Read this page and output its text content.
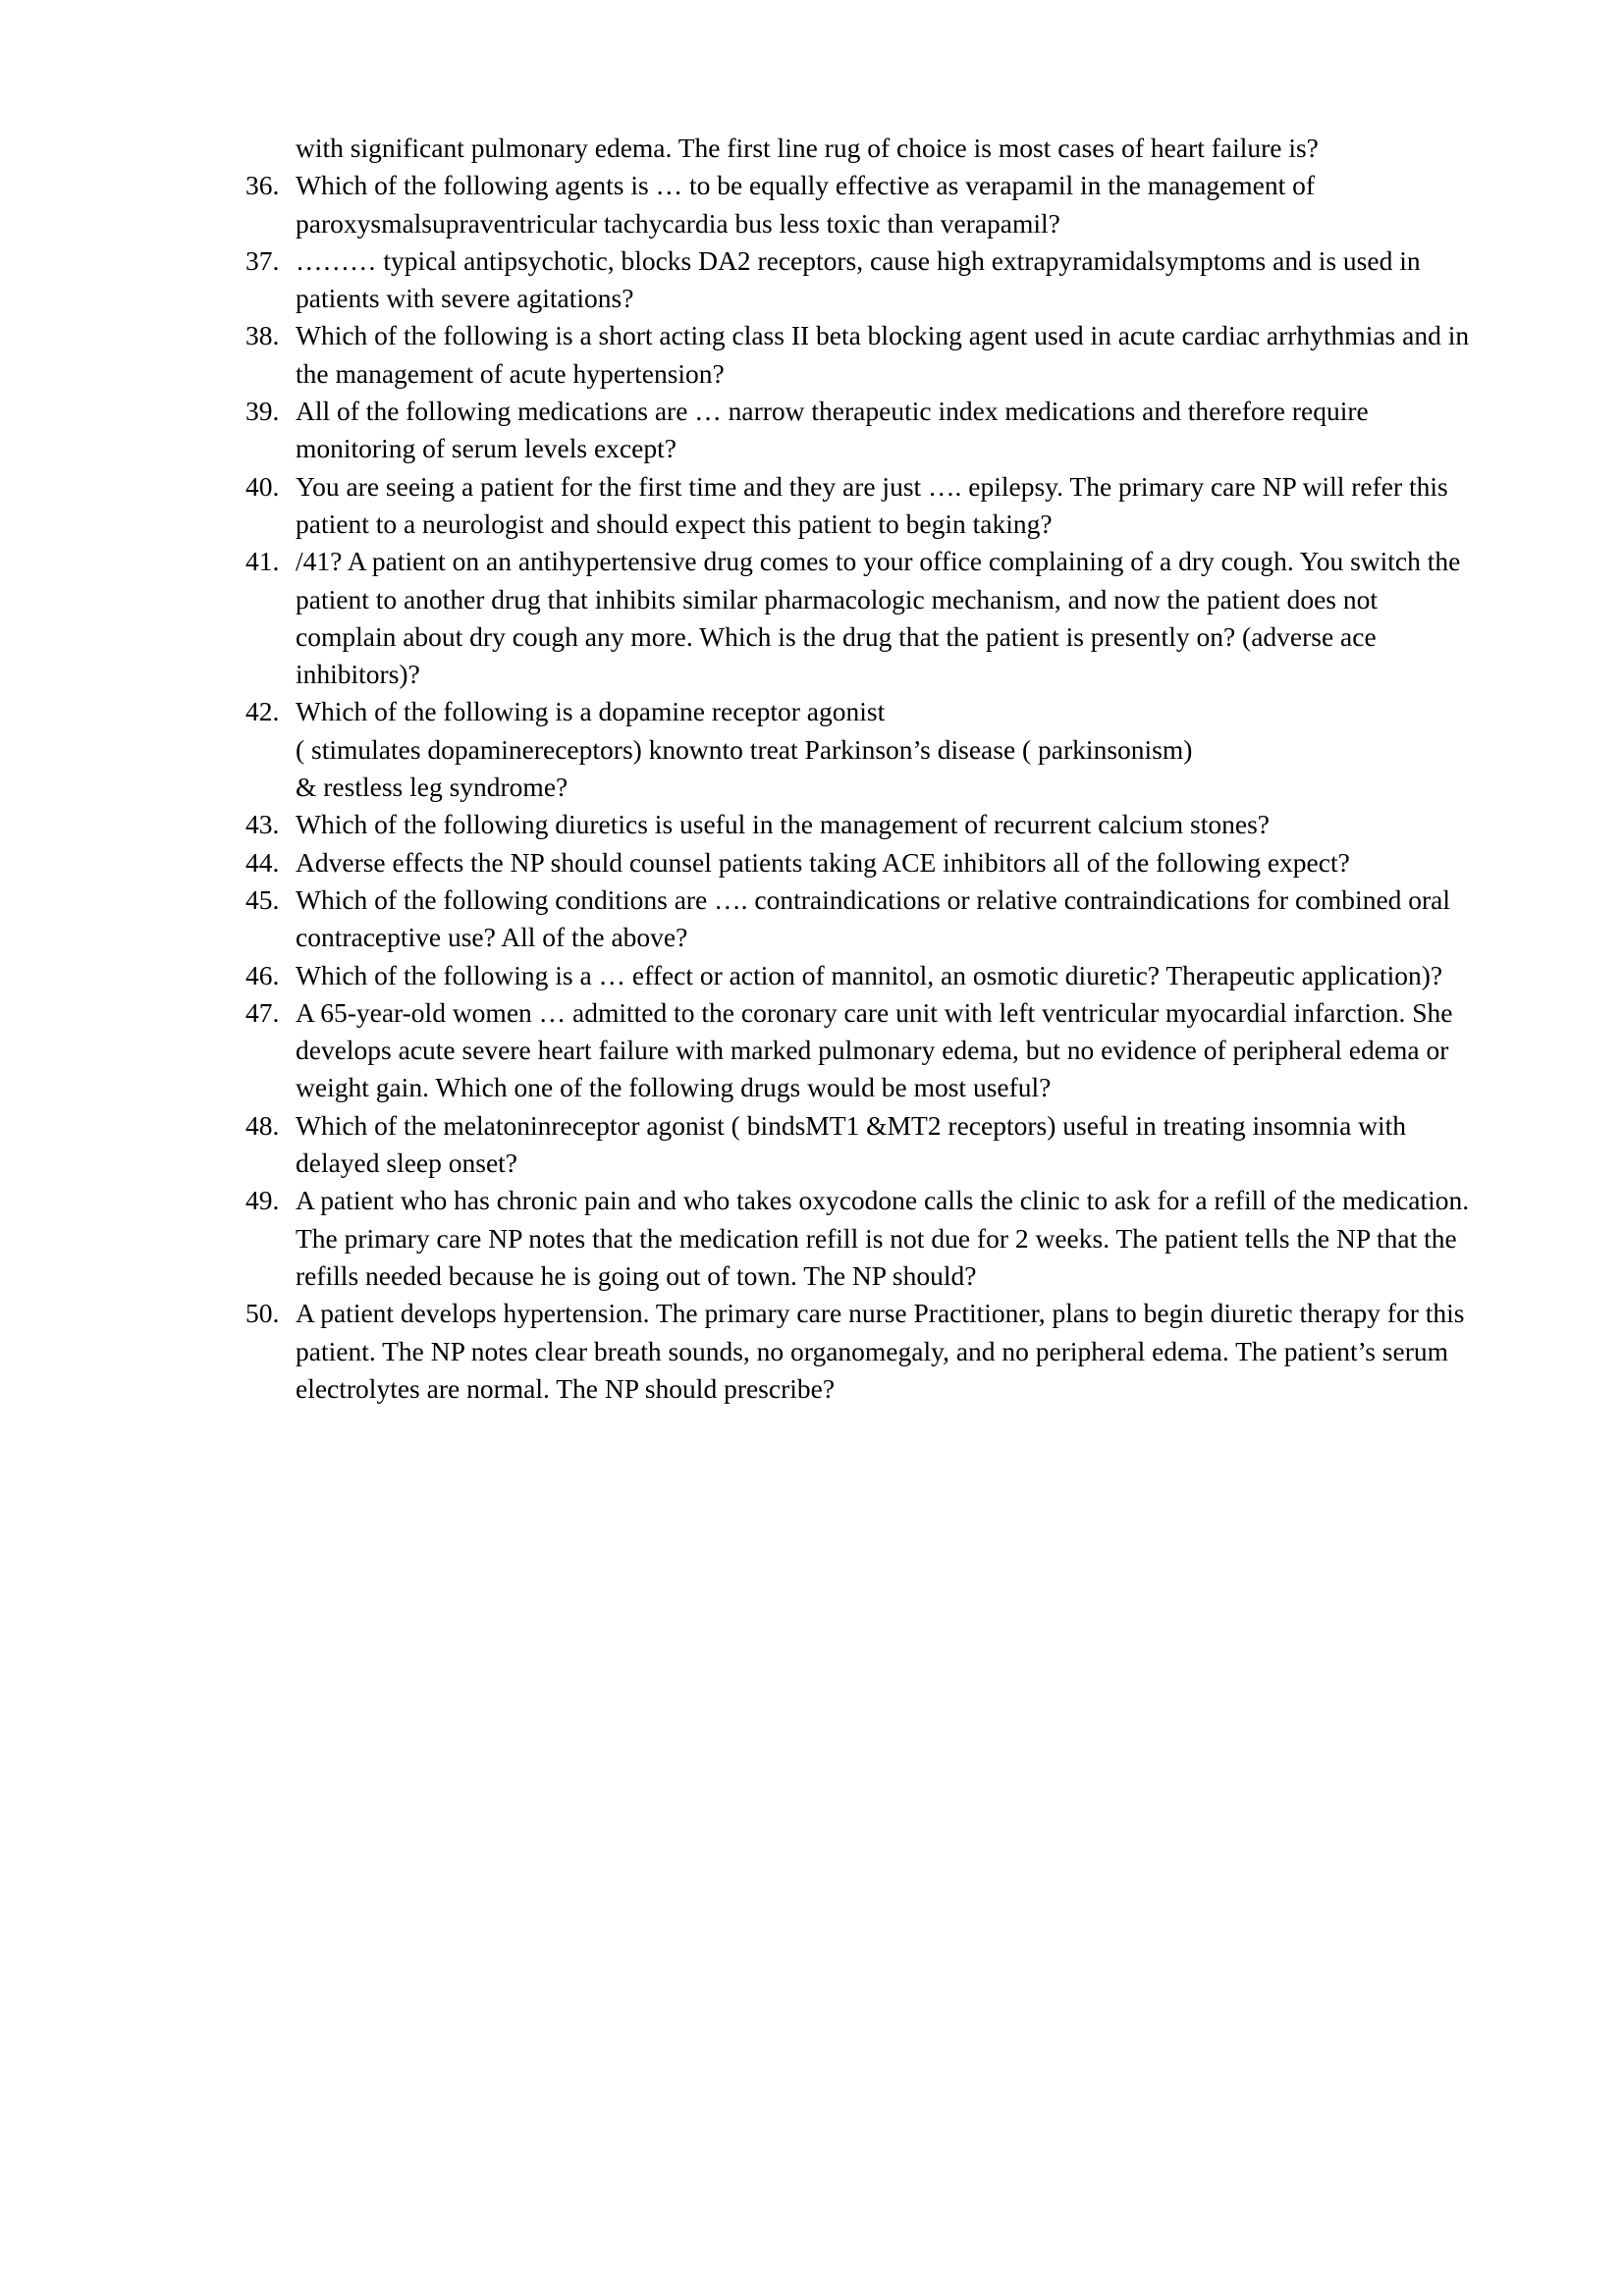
with significant pulmonary edema. The first line rug of choice is most cases of heart failure is?

Which of the following agents is … to be equally effective as verapamil in the management of paroxysmalsupraventricular tachycardia bus less toxic than verapamil?
……… typical antipsychotic, blocks DA2 receptors, cause high extrapyramidalsymptoms and is used in patients with severe agitations?
Which of the following is a short acting class II beta blocking agent used in acute cardiac arrhythmias and in the management of acute hypertension?
All of the following medications are … narrow therapeutic index medications and therefore require monitoring of serum levels except?
You are seeing a patient for the first time and they are just …. epilepsy. The primary care NP will refer this patient to a neurologist and should expect this patient to begin taking?
/41? A patient on an antihypertensive drug comes to your office complaining of a dry cough. You switch the patient to another drug that inhibits similar pharmacologic mechanism, and now the patient does not complain about dry cough any more. Which is the drug that the patient is presently on? (adverse ace inhibitors)?
Which of the following is a dopamine receptor agonist
( stimulates dopaminereceptors) knownto treat Parkinson’s disease ( parkinsonism)
& restless leg syndrome?
Which of the following diuretics is useful in the management of recurrent calcium stones?
Adverse effects the NP should counsel patients taking ACE inhibitors all of the following expect?
Which of the following conditions are …. contraindications or relative contraindications for combined oral contraceptive use? All of the above?
Which of the following is a … effect or action of mannitol, an osmotic diuretic? Therapeutic application)?
A 65-year-old women … admitted to the coronary care unit with left ventricular myocardial infarction. She develops acute severe heart failure with marked pulmonary edema, but no evidence of peripheral edema or weight gain. Which one of the following drugs would be most useful?
Which of the melatoninreceptor agonist ( bindsMT1 &MT2 receptors) useful in treating insomnia with delayed sleep onset?
A patient who has chronic pain and who takes oxycodone calls the clinic to ask for a refill of the medication. The primary care NP notes that the medication refill is not due for 2 weeks. The patient tells the NP that the refills needed because he is going out of town. The NP should?
A patient develops hypertension. The primary care nurse Practitioner, plans to begin diuretic therapy for this patient. The NP notes clear breath sounds, no organomegaly, and no peripheral edema. The patient’s serum electrolytes are normal. The NP should prescribe?
